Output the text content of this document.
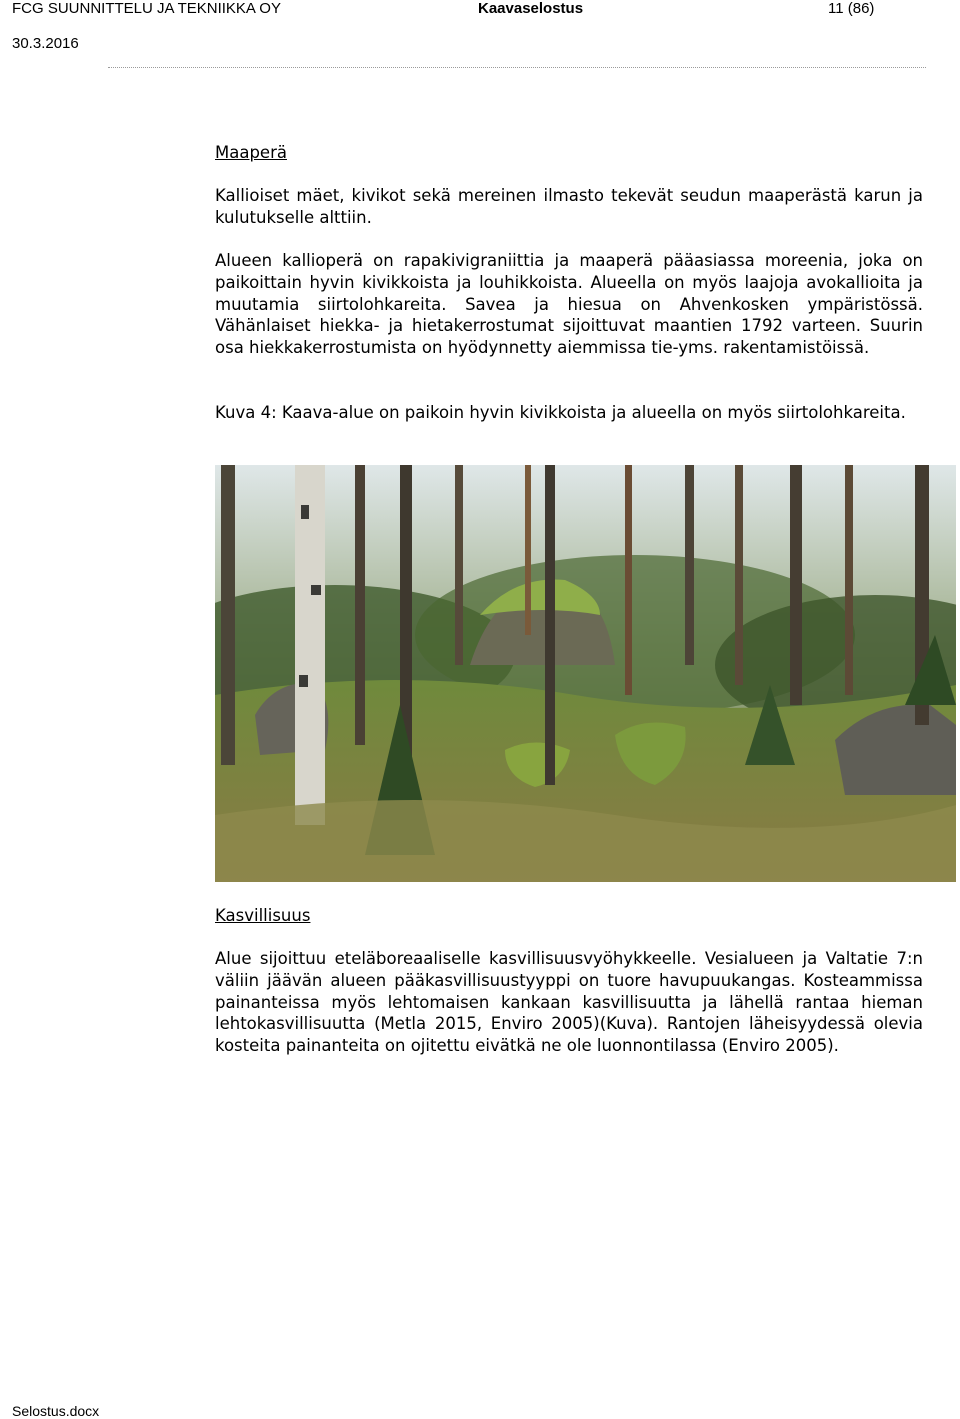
FCG SUUNNITTELU JA TEKNIIKKA OY	Kaavaselostus	11 (86)
30.3.2016

Maaperä

Kallioiset mäet, kivikot sekä mereinen ilmasto tekevät seudun maaperästä karun ja kulutukselle alttiin.

Alueen kallioperä on rapakivigraniittia ja maaperä pääasiassa moreenia, joka on paikoittain hyvin kivikkoista ja louhikkoista. Alueella on myös laajoja avokallioita ja muutamia siirtolohkareita. Savea ja hiesua on Ahvenkosken ympäristössä. Vähänlaiset hiekka- ja hietakerrostumat sijoittuvat maantien 1792 varteen. Suurin osa hiekkakerrostumista on hyödynnetty aiemmissa tie-yms. rakentamistöissä.

Kuva 4: Kaava-alue on paikoin hyvin kivikkoista ja alueella on myös siirtolohkareita.

Kasvillisuus

Alue sijoittuu eteläboreaaliselle kasvillisuusvyöhykkeelle. Vesialueen ja Valtatie 7:n väliin jäävän alueen pääkasvillisuustyyppi on tuore havupuukangas. Kosteammissa painanteissa myös lehtomaisen kankaan kasvillisuutta ja lähellä rantaa hieman lehtokasvillisuutta (Metla 2015, Enviro 2005)(Kuva). Rantojen läheisyydessä olevia kosteita painanteita on ojitettu eivätkä ne ole luonnontilassa (Enviro 2005).

Selostus.docx
